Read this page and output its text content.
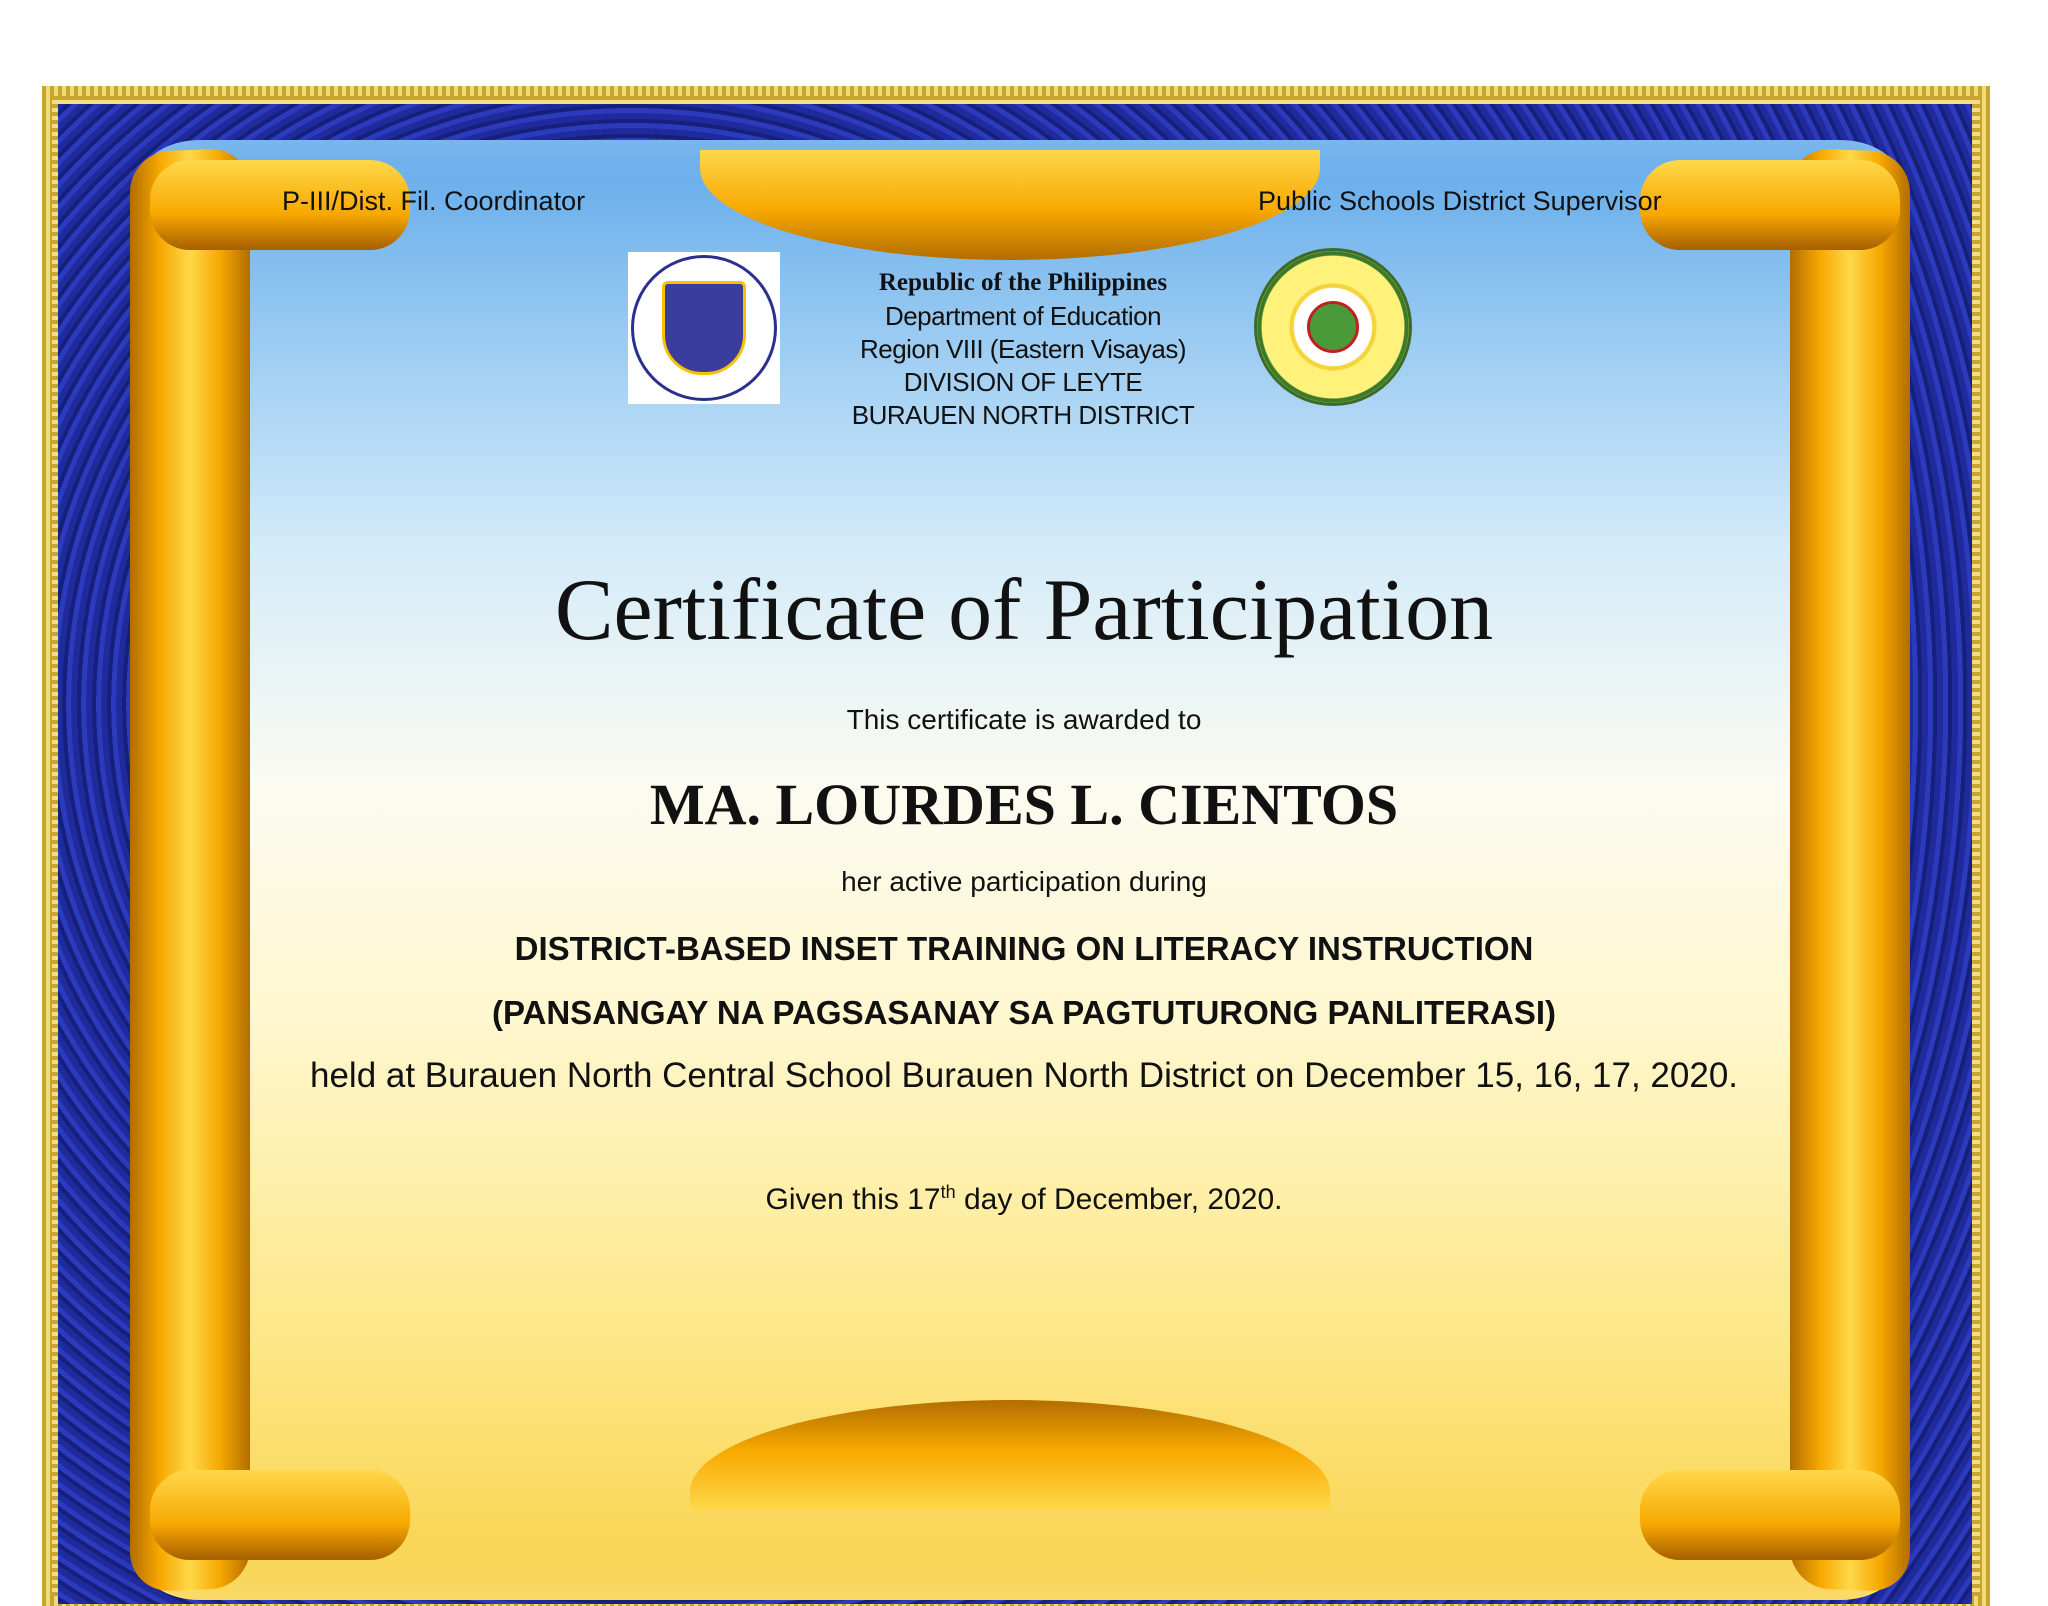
P-III/Dist. Fil. Coordinator	Public Schools District Supervisor
Republic of the Philippines
Department of Education
Region VIII (Eastern Visayas)
DIVISION OF LEYTE
BURAUEN NORTH DISTRICT
Certificate of Participation
This certificate is awarded to
MA. LOURDES L. CIENTOS
her active participation during
DISTRICT-BASED INSET TRAINING ON LITERACY INSTRUCTION
(PANSANGAY NA PAGSASANAY SA PAGTUTURONG PANLITERASI)
held at Burauen North Central School Burauen North District on December 15, 16, 17, 2020.
Given this 17th day of December, 2020.
